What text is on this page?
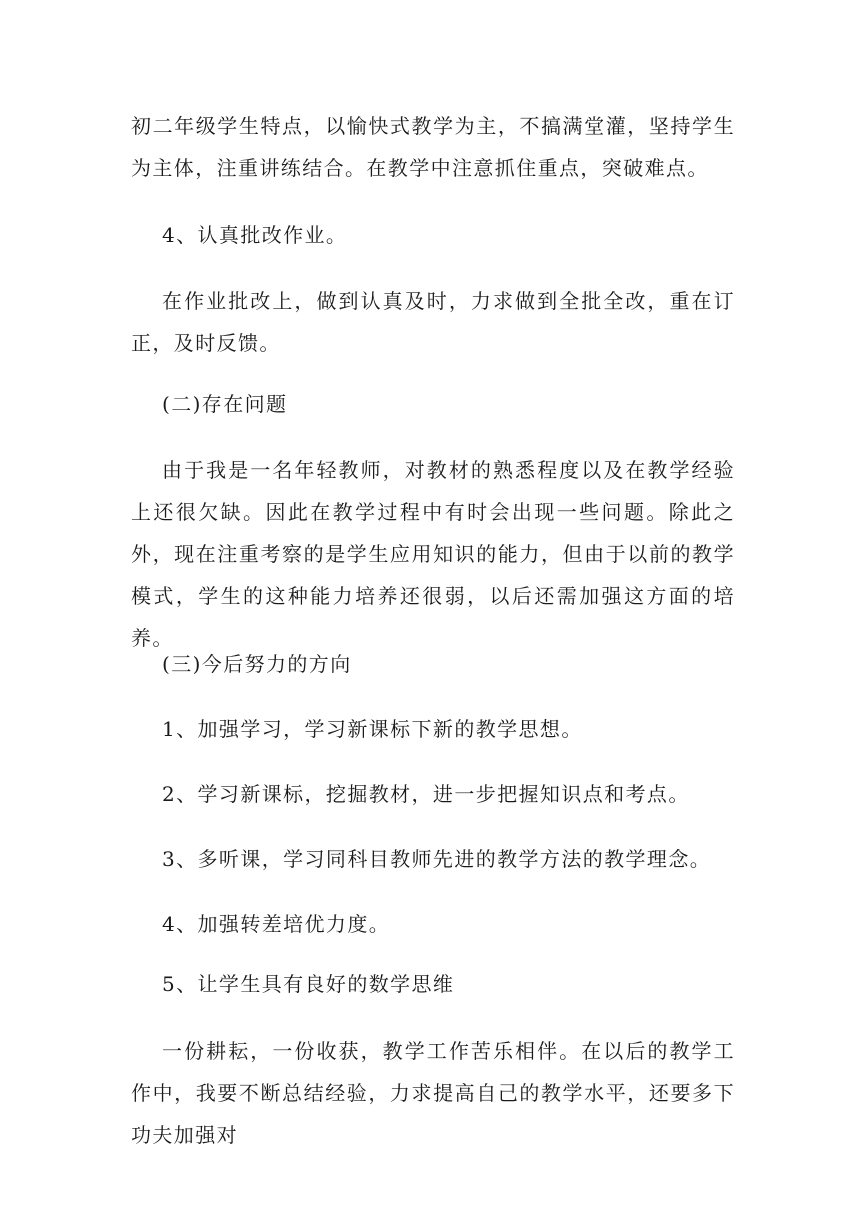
初二年级学生特点，以愉快式教学为主，不搞满堂灌，坚持学生为主体，注重讲练结合。在教学中注意抓住重点，突破难点。

4、认真批改作业。

在作业批改上，做到认真及时，力求做到全批全改，重在订正，及时反馈。

(二)存在问题

由于我是一名年轻教师，对教材的熟悉程度以及在教学经验上还很欠缺。因此在教学过程中有时会出现一些问题。除此之外，现在注重考察的是学生应用知识的能力，但由于以前的教学模式，学生的这种能力培养还很弱，以后还需加强这方面的培养。

(三)今后努力的方向

1、加强学习，学习新课标下新的教学思想。

2、学习新课标，挖掘教材，进一步把握知识点和考点。

3、多听课，学习同科目教师先进的教学方法的教学理念。

4、加强转差培优力度。

5、让学生具有良好的数学思维

一份耕耘，一份收获，教学工作苦乐相伴。在以后的教学工作中，我要不断总结经验，力求提高自己的教学水平，还要多下功夫加强对
